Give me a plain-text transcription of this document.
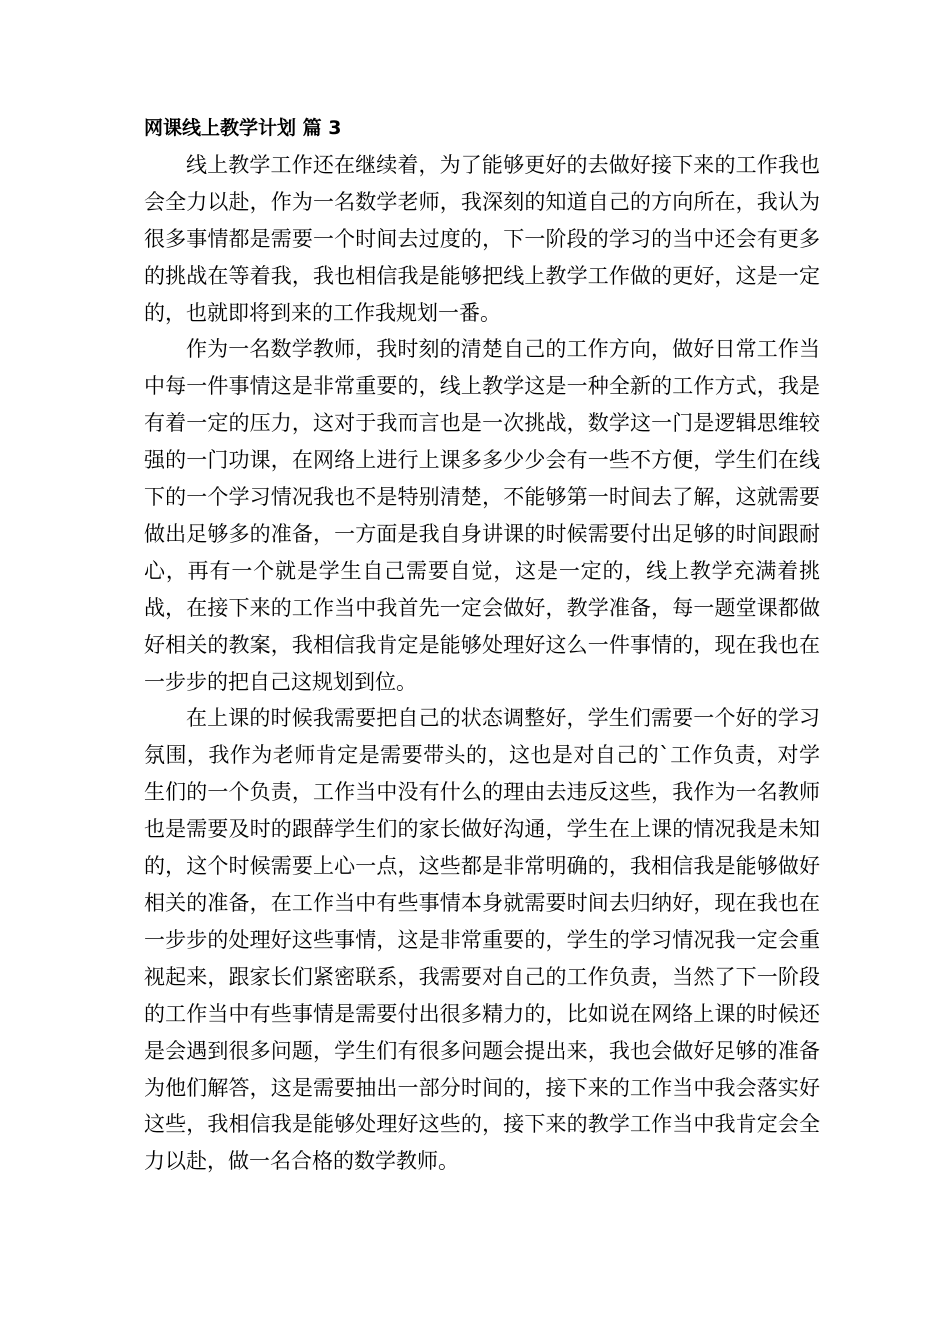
网课线上教学计划 篇 3

线上教学工作还在继续着，为了能够更好的去做好接下来的工作我也会全力以赴，作为一名数学老师，我深刻的知道自己的方向所在，我认为很多事情都是需要一个时间去过度的，下一阶段的学习的当中还会有更多的挑战在等着我，我也相信我是能够把线上教学工作做的更好，这是一定的，也就即将到来的工作我规划一番。

作为一名数学教师，我时刻的清楚自己的工作方向，做好日常工作当中每一件事情这是非常重要的，线上教学这是一种全新的工作方式，我是有着一定的压力，这对于我而言也是一次挑战，数学这一门是逻辑思维较强的一门功课，在网络上进行上课多多少少会有一些不方便，学生们在线下的一个学习情况我也不是特别清楚，不能够第一时间去了解，这就需要做出足够多的准备，一方面是我自身讲课的时候需要付出足够的时间跟耐心，再有一个就是学生自己需要自觉，这是一定的，线上教学充满着挑战，在接下来的工作当中我首先一定会做好，教学准备，每一题堂课都做好相关的教案，我相信我肯定是能够处理好这么一件事情的，现在我也在一步步的把自己这规划到位。

在上课的时候我需要把自己的状态调整好，学生们需要一个好的学习氛围，我作为老师肯定是需要带头的，这也是对自己的`工作负责，对学生们的一个负责，工作当中没有什么的理由去违反这些，我作为一名教师也是需要及时的跟薛学生们的家长做好沟通，学生在上课的情况我是未知的，这个时候需要上心一点，这些都是非常明确的，我相信我是能够做好相关的准备，在工作当中有些事情本身就需要时间去归纳好，现在我也在一步步的处理好这些事情，这是非常重要的，学生的学习情况我一定会重视起来，跟家长们紧密联系，我需要对自己的工作负责，当然了下一阶段的工作当中有些事情是需要付出很多精力的，比如说在网络上课的时候还是会遇到很多问题，学生们有很多问题会提出来，我也会做好足够的准备为他们解答，这是需要抽出一部分时间的，接下来的工作当中我会落实好这些，我相信我是能够处理好这些的，接下来的教学工作当中我肯定会全力以赴，做一名合格的数学教师。
